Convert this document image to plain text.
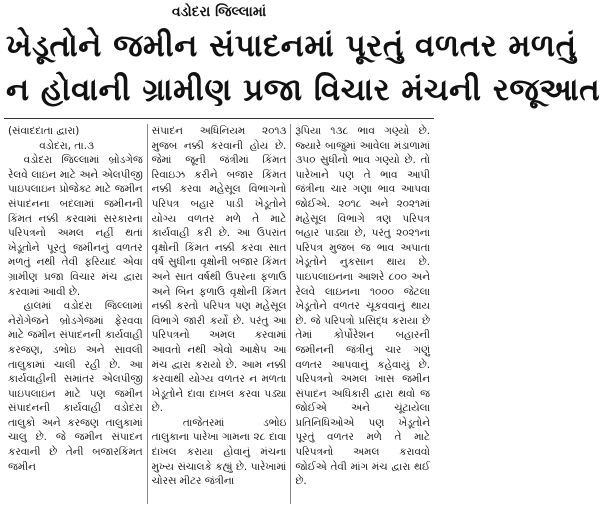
વડોદરા જિલ્લામાં
ખેડૂતોને જમીન સંપાદનમાં પૂરતું વળતર મળતું
ન હોવાની ગ્રામીણ પ્રજા વિચાર મંચની રજૂઆત

(સંવાદદાતા દ્વારા)

વડોદરા, તા.૩

વડોદરા જિલ્લામાં બ્રોડગેજ રેલવે લાઇન માટે અને એલપીજી પાઇપલાઇન પ્રોજેક્ટ માટે જમીન સંપાદનના બદલામાં જમીનની કિંમત નક્કી કરવામાં સરકારના પરિપત્રનો અમલ નહીં થતાં ખેડૂતોને પૂરતું જમીનનું વળતર મળતું નથી તેવી ફરિયાદ એવા ગ્રામીણ પ્રજા વિચાર મંચ દ્વારા કરવામાં આવી છે.

હાલમાં વડોદરા જિલ્લામાં નેરોગેજને બ્રોડગેજમાં ફેરવવા માટે જમીન સંપાદનની કાર્યવાહી કરજણ, ડભોઇ અને સાવલી તાલુકામાં ચાલી રહી છે. આ કાર્યવાહીની સમાંતર એલપીજી પાઇપલાઇન માટે પણ જમીન સંપાદનની કાર્યવાહી વડોદરા તાલુકો અને કરજણ તાલુકામાં ચાલુ છે. જે જમીન સંપાદન કરવાની છે તેની બજારકિંમત જમીન

સંપાદન અધિનિયમ ૨૦૧૩ મુજબ નક્કી કરવાની હોય છે. જેમાં જૂની જંત્રીમાં કિંમત રિવાઇઝ કરીને બજાર કિંમત નક્કી કરવા મહેસૂલ વિભાગનો પરિપત્ર બહાર પાડી ખેડૂતોને યોગ્ય વળતર મળે તે માટે કાર્યવાહી કરી છે. આ ઉપરાંત વૃક્ષોની કિંમત નક્કી કરવા સાત વર્ષ સુધીના વૃક્ષોની બજાર કિંમત અને સાત વર્ષથી ઉપરના ફળાઉ અને બિન ફળાઉ વૃક્ષોની કિંમત નક્કી કરતો પરિપત્ર પણ મહેસૂલ વિભાગે જારી કર્યો છે. પરંતુ આ પરિપત્રનો અમલ કરવામાં આવતો નથી એવો આક્ષેપ આ મંચ દ્વારા કરાયો છે. આમ નક્કી કરવાથી યોગ્ય વળતર ન મળતા ખેડૂતોને દાવા દાખલ કરવા પડ્યા છે.

તાજેતરમાં ડભોઇ તાલુકાના પારેખા ગામના ૨૮ દાવા દાખલ કરાયા હોવાનું મંચના મુખ્ય સંચાલકે કહ્યું છે. પારેખામાં ચોરસ મીટર જંત્રીના

રૂપિયા ૧૩૮ ભાવ ગણ્યો છે. જ્યારે બાજુમાં આવેલા મંડાળામાં ૩૫૦ સુધીનો ભાવ ગણ્યો છે. તો પારેખાને પણ તે ભાવ આપી જંત્રીના ચાર ગણા ભાવ આપવા જોઈએ. ૨૦૧૮ અને ૨૦૨૧માં મહેસૂલ વિભાગે ત્રણ પરિપત્ર બહાર પાડ્યા છે, પરંતુ ૨૦૨૧ના પરિપત્ર મુજબ જ ભાવ અપાતા ખેડૂતોને નુકસાન થાય છે. પાઇપલાઇનના આશરે ૮૦૦ અને રેલવે લાઇનના ૧૦૦૦ જેટલા ખેડૂતોને વળતર ચૂકવવાનું થાય છે. જે પરિપત્રો પ્રસિદ્ધ કરાયા છે તેમાં કોર્પોરેશન બહારની જમીનની જંત્રીનું ચાર ગણું વળતર આપવાનું કહેવાયું છે. પરિપત્રનો અમલ ખાસ જમીન સંપાદન અધિકારી દ્વારા થવો જ જોઈએ અને ચૂંટાયેલા પ્રતિનિધિઓએ પણ ખેડૂતોને પૂરતું વળતર મળે તે માટે પરિપત્રનો અમલ કરાવવો જોઈએ તેવી માંગ મંચ દ્વારા થઈ છે.
